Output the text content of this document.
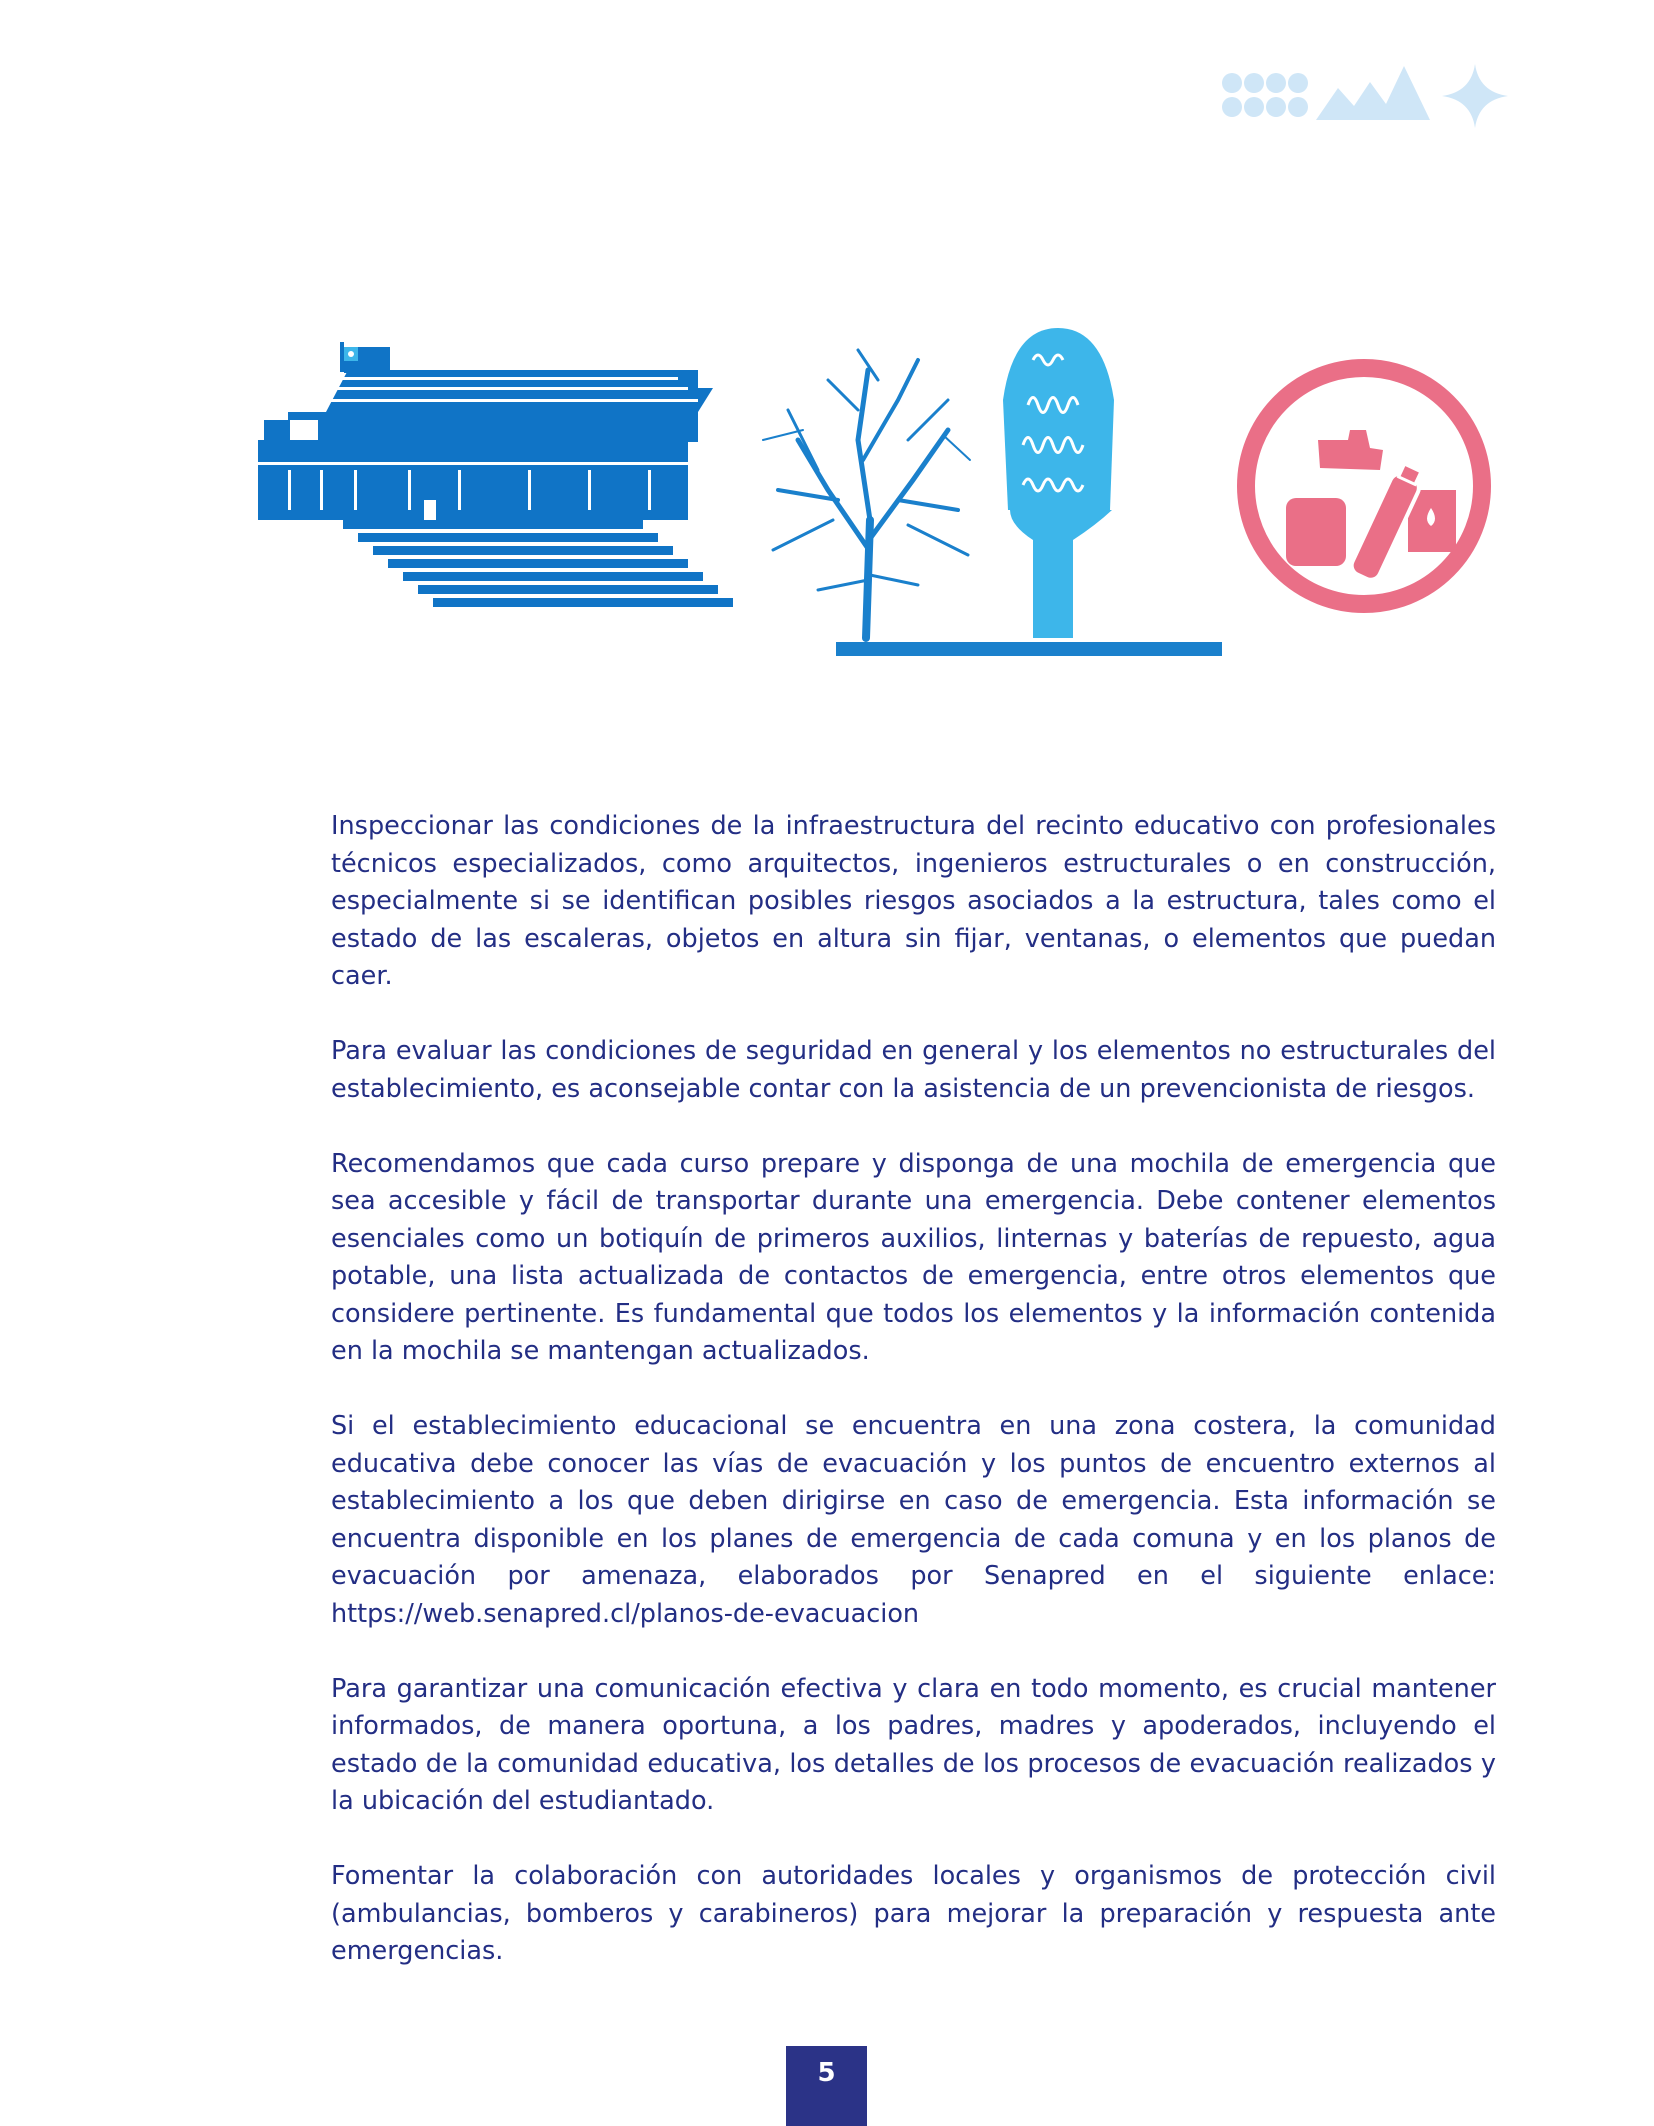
Inspeccionar las condiciones de la infraestructura del recinto educativo con profesionales técnicos especializados, como arquitectos, ingenieros estructurales o en construcción, especialmente si se identifican posibles riesgos asociados a la estructura, tales como el estado de las escaleras, objetos en altura sin fijar, ventanas, o elementos que puedan caer.

Para evaluar las condiciones de seguridad en general y los elementos no estructurales del establecimiento, es aconsejable contar con la asistencia de un prevencionista de riesgos.

Recomendamos que cada curso prepare y disponga de una mochila de emergencia que sea accesible y fácil de transportar durante una emergencia. Debe contener elementos esenciales como un botiquín de primeros auxilios, linternas y baterías de repuesto, agua potable, una lista actualizada de contactos de emergencia, entre otros elementos que considere pertinente. Es fundamental que todos los elementos y la información contenida en la mochila se mantengan actualizados.

Si el establecimiento educacional se encuentra en una zona costera, la comunidad educativa debe conocer las vías de evacuación y los puntos de encuentro externos al establecimiento a los que deben dirigirse en caso de emergencia. Esta información se encuentra disponible en los planes de emergencia de cada comuna y en los planos de evacuación por amenaza, elaborados por Senapred en el siguiente enlace: https://web.senapred.cl/planos-de-evacuacion

Para garantizar una comunicación efectiva y clara en todo momento, es crucial mantener informados, de manera oportuna, a los padres, madres y apoderados, incluyendo el estado de la comunidad educativa, los detalles de los procesos de evacuación realizados y la ubicación del estudiantado.

Fomentar la colaboración con autoridades locales y organismos de protección civil (ambulancias, bomberos y carabineros) para mejorar la preparación y respuesta ante emergencias.

5
